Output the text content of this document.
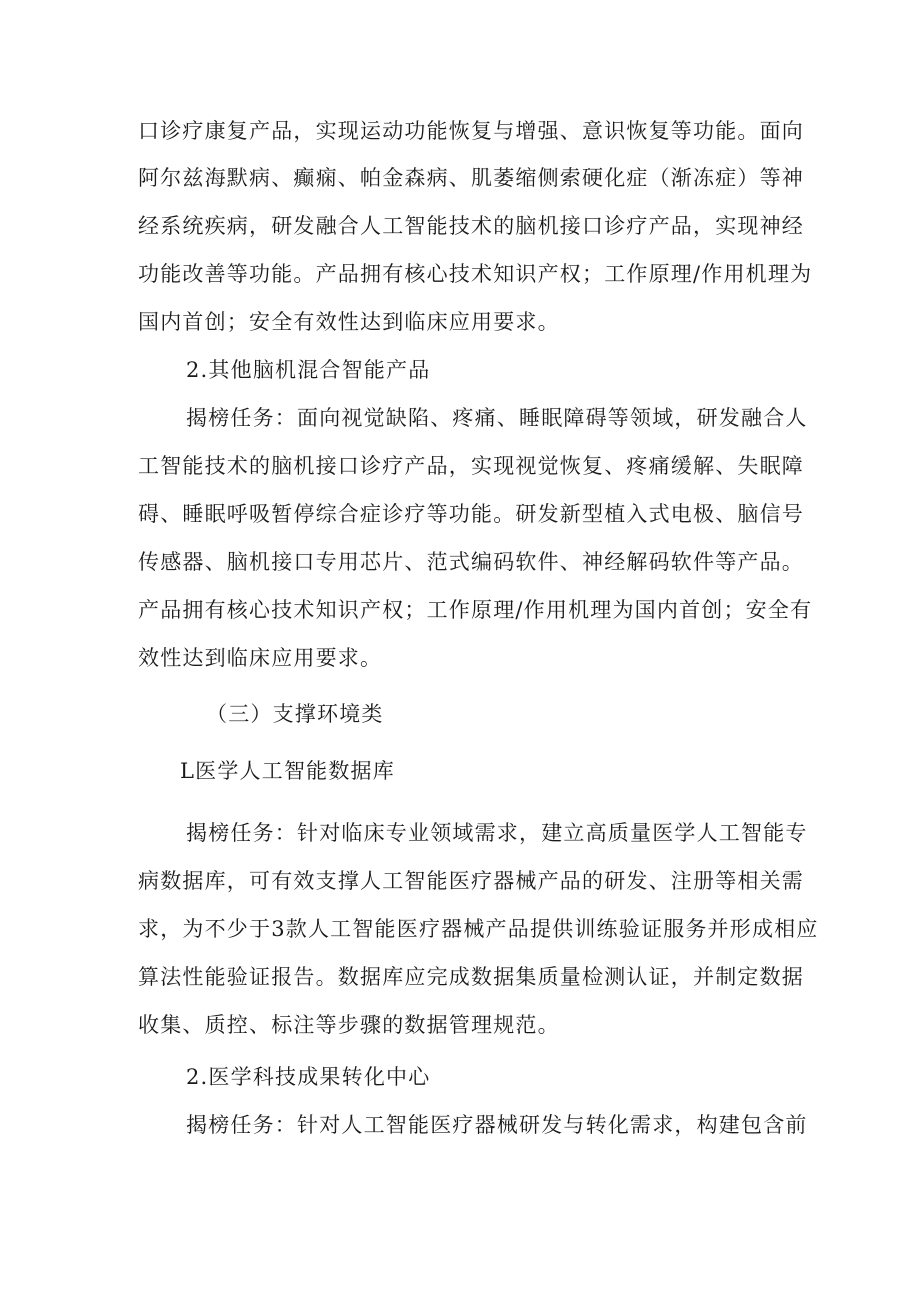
口诊疗康复产品，实现运动功能恢复与增强、意识恢复等功能。面向
阿尔兹海默病、癫痫、帕金森病、肌萎缩侧索硬化症（渐冻症）等神
经系统疾病，研发融合人工智能技术的脑机接口诊疗产品，实现神经
功能改善等功能。产品拥有核心技术知识产权；工作原理/作用机理为
国内首创；安全有效性达到临床应用要求。
2.其他脑机混合智能产品
揭榜任务：面向视觉缺陷、疼痛、睡眠障碍等领域，研发融合人
工智能技术的脑机接口诊疗产品，实现视觉恢复、疼痛缓解、失眠障
碍、睡眠呼吸暂停综合症诊疗等功能。研发新型植入式电极、脑信号
传感器、脑机接口专用芯片、范式编码软件、神经解码软件等产品。
产品拥有核心技术知识产权；工作原理/作用机理为国内首创；安全有
效性达到临床应用要求。
（三）支撑环境类
L医学人工智能数据库
揭榜任务：针对临床专业领域需求，建立高质量医学人工智能专
病数据库，可有效支撑人工智能医疗器械产品的研发、注册等相关需
求，为不少于3款人工智能医疗器械产品提供训练验证服务并形成相应
算法性能验证报告。数据库应完成数据集质量检测认证，并制定数据
收集、质控、标注等步骤的数据管理规范。
2.医学科技成果转化中心
揭榜任务：针对人工智能医疗器械研发与转化需求，构建包含前
